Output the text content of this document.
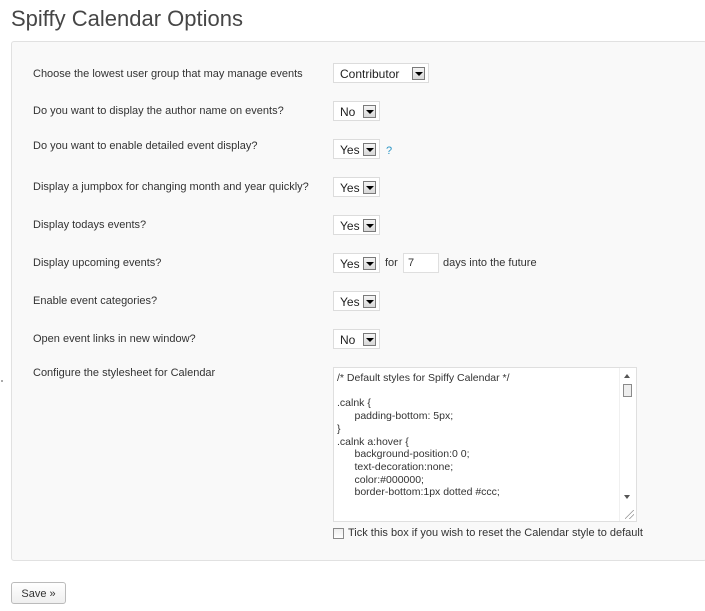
Spiffy Calendar Options
Choose the lowest user group that may manage events	Contributor
Do you want to display the author name on events?	No
Do you want to enable detailed event display?	Yes ?
Display a jumpbox for changing month and year quickly?	Yes
Display todays events?	Yes
Display upcoming events?	Yes for 7	days into the future
Enable event categories?	Yes
Open event links in new window?	No
Configure the stylesheet for Calendar	/* Default styles for Spiffy Calendar */

.calnk {
padding-bottom: 5px;
}
.calnk a:hover {
background-position:0 0;
text-decoration:none;
color:#000000;
border-bottom:1px dotted #ccc;
Tick this box if you wish to reset the Calendar style to default
Save »
